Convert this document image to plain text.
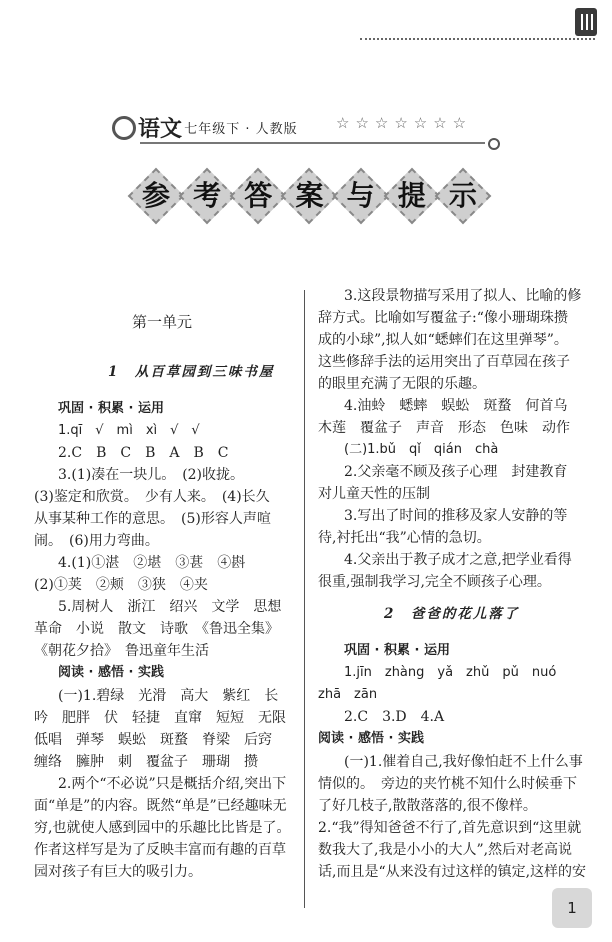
语文
· 七年级下 · 人教版	☆☆☆☆☆☆☆
参 考 答 案 与 提 示
第一单元
1　从百草园到三味书屋
巩固 · 积累 · 运用
1.qī　√　mì　xì　√　√
2.C　B　C　B　A　B　C
3.(1)凑在一块儿。　(2)收拢。
(3)鉴定和欣赏。　少有人来。　(4)长久
从事某种工作的意思。　(5)形容人声喧
闹。　(6)用力弯曲。
4.(1)①湛　②堪　③葚　④斟
(2)①荚　②颊　③狭　④夹
5.周树人　浙江　绍兴　文学　思想
革命　小说　散文　诗歌　《鲁迅全集》
《朝花夕拾》　鲁迅童年生活
阅读 · 感悟 · 实践
(一)1.碧绿　光滑　高大　紫红　长
吟　肥胖　伏　轻捷　直窜　短短　无限
低唱　弹琴　蜈蚣　斑蝥　脊梁　后窍
缠络　臃肿　刺　覆盆子　珊瑚　攒
2.两个“不必说”只是概括介绍,突出下
面“单是”的内容。既然“单是”已经趣味无
穷,也就使人感到园中的乐趣比比皆是了。
作者这样写是为了反映丰富而有趣的百草
园对孩子有巨大的吸引力。
3.这段景物描写采用了拟人、比喻的修
辞方式。比喻如写覆盆子:“像小珊瑚珠攒
成的小球”,拟人如“蟋蟀们在这里弹琴”。
这些修辞手法的运用突出了百草园在孩子
的眼里充满了无限的乐趣。
4.油蛉　蟋蟀　蜈蚣　斑蝥　何首乌
木莲　覆盆子　声音　形态　色味　动作
(二)1.bǔ　qǐ　qián　chà
2.父亲毫不顾及孩子心理　封建教育
对儿童天性的压制
3.写出了时间的推移及家人安静的等
待,衬托出“我”心情的急切。
4.父亲出于教子成才之意,把学业看得
很重,强制我学习,完全不顾孩子心理。
2　爸爸的花儿落了
巩固 · 积累 · 运用
1.jīn　zhàng　yǎ　zhǔ　pǔ　nuó
zhā　zān
2.C　3.D　4.A
阅读 · 感悟 · 实践
(一)1.催着自己,我好像怕赶不上什么事
情似的。　旁边的夹竹桃不知什么时候垂下
了好几枝子,散散落落的,很不像样。
2.“我”得知爸爸不行了,首先意识到“这里就
数我大了,我是小小的大人”,然后对老高说
话,而且是“从来没有过这样的镇定,这样的安
1
